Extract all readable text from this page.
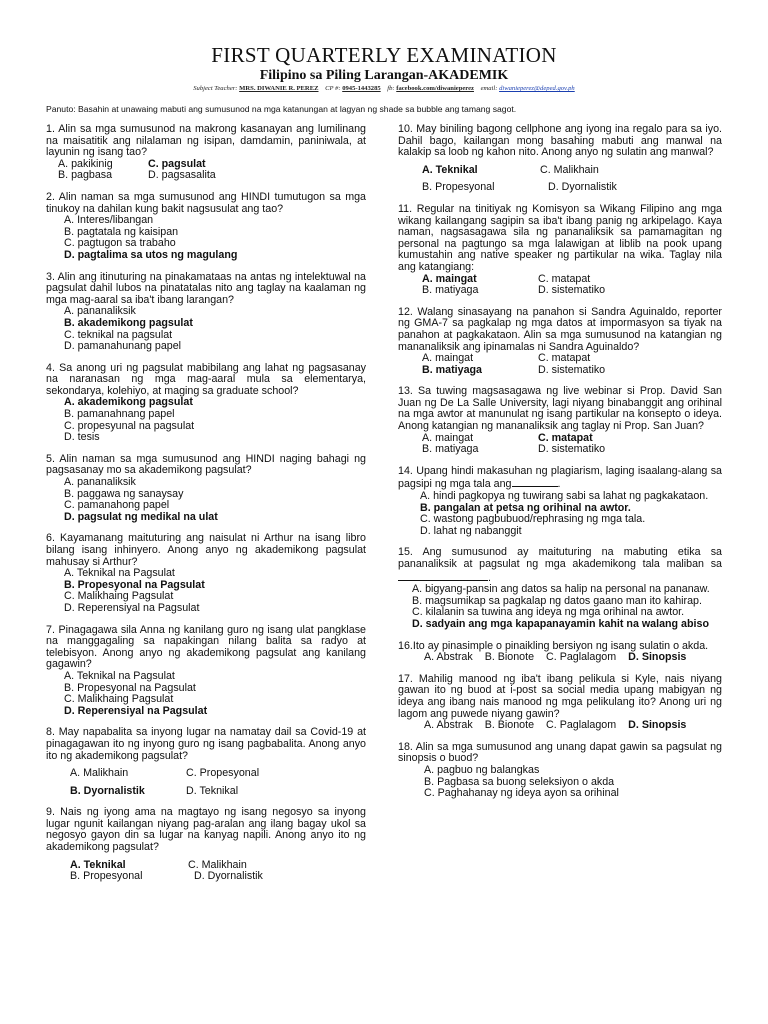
FIRST QUARTERLY EXAMINATION
Filipino sa Piling Larangan-AKADEMIK
Subject Teacher: MRS. DIWANIE R. PEREZ CP #: 0945-1443285 fb: facebook.com/diwanieperez email: diwanieperez@deped.gov.ph
Panuto: Basahin at unawaing mabuti ang sumusunod na mga katanungan at lagyan ng shade sa bubble ang tamang sagot.
1. Alin sa mga sumusunod na makrong kasanayan ang lumilinang na maisatitik ang nilalaman ng isipan, damdamin, paniniwala, at layunin ng isang tao?
A. pakikinig	C. pagsulat
B. pagbasa	D. pagsasalita
2. Alin naman sa mga sumusunod ang HINDI tumutugon sa mga tinukoy na dahilan kung bakit nagsusulat ang tao?
A. Interes/libangan
B. pagtatala ng kaisipan
C. pagtugon sa trabaho
D. pagtalima sa utos ng magulang
3. Alin ang itinuturing na pinakamataas na antas ng intelektuwal na pagsulat dahil lubos na pinatatalas nito ang taglay na kaalaman ng mga mag-aaral sa iba't ibang larangan?
A. pananaliksik
B. akademikong pagsulat
C. teknikal na pagsulat
D. pamanahunang papel
4. Sa anong uri ng pagsulat mabibilang ang lahat ng pagsasanay na naranasan ng mga mag-aaral mula sa elementarya, sekondarya, kolehiyo, at maging sa graduate school?
A. akademikong pagsulat
B. pamanahnang papel
C. propesyunal na pagsulat
D. tesis
5. Alin naman sa mga sumusunod ang HINDI naging bahagi ng pagsasanay mo sa akademikong pagsulat?
A. pananaliksik
B. paggawa ng sanaysay
C. pamanahong papel
D. pagsulat ng medikal na ulat
6. Kayamanang maituturing ang naisulat ni Arthur na isang libro bilang isang inhinyero. Anong anyo ng akademikong pagsulat mahusay si Arthur?
A. Teknikal na Pagsulat
B. Propesyonal na Pagsulat
C. Malikhaing Pagsulat
D. Reperensiyal na Pagsulat
7. Pinagagawa sila Anna ng kanilang guro ng isang ulat pangklase na manggagaling sa napakingan nilang balita sa radyo at telebisyon. Anong anyo ng akademikong pagsulat ang kanilang gagawin?
A. Teknikal na Pagsulat
B. Propesyonal na Pagsulat
C. Malikhaing Pagsulat
D. Reperensiyal na Pagsulat
8. May napabalita sa inyong lugar na namatay dail sa Covid-19 at pinagagawan ito ng inyong guro ng isang pagbabalita. Anong anyo ito ng akademikong pagsulat?
A. Malikhain	C. Propesyonal
B. Dyornalistik	D. Teknikal
9. Nais ng iyong ama na magtayo ng isang negosyo sa inyong lugar ngunit kailangan niyang pag-aralan ang ilang bagay ukol sa negosyo gayon din sa lugar na kanyag napili. Anong anyo ito ng akademikong pagsulat?
A. Teknikal	C. Malikhain
B. Propesyonal	D. Dyornalistik
10. May biniling bagong cellphone ang iyong ina regalo para sa iyo. Dahil bago, kailangan mong basahing mabuti ang manwal na kalakip sa loob ng kahon nito. Anong anyo ng sulatin ang manwal?
A. Teknikal	C. Malikhain
B. Propesyonal	D. Dyornalistik
11. Regular na tinitiyak ng Komisyon sa Wikang Filipino ang mga wikang kailangang sagipin sa iba't ibang panig ng arkipelago. Kaya naman, nagsasagawa sila ng pananaliksik sa pamamagitan ng personal na pagtungo sa mga lalawigan at liblib na pook upang kumustahin ang native speaker ng partikular na wika. Taglay nila ang katangiang:
A. maingat	C. matapat
B. matiyaga	D. sistematiko
12. Walang sinasayang na panahon si Sandra Aguinaldo, reporter ng GMA-7 sa pagkalap ng mga datos at impormasyon sa tiyak na panahon at pagkakataon. Alin sa mga sumusunod na katangian ng mananaliksik ang ipinamalas ni Sandra Aguinaldo?
A. maingat	C. matapat
B. matiyaga	D. sistematiko
13. Sa tuwing magsasagawa ng live webinar si Prop. David San Juan ng De La Salle University, lagi niyang binabanggit ang orihinal na mga awtor at manunulat ng isang partikular na konsepto o ideya. Anong katangian ng mananaliksik ang taglay ni Prop. San Juan?
A. maingat	C. matapat
B. matiyaga	D. sistematiko
14. Upang hindi makasuhan ng plagiarism, laging isaalang-alang sa pagsipi ng mga tala ang	.
A. hindi pagkopya ng tuwirang sabi sa lahat ng pagkakataon.
B. pangalan at petsa ng orihinal na awtor.
C. wastong pagbubuod/rephrasing ng mga tala.
D. lahat ng nabanggit
15. Ang sumusunod ay maituturing na mabuting etika sa pananaliksik at pagsulat ng mga akademikong tala maliban sa.
A. bigyang-pansin ang datos sa halip na personal na pananaw.
B. magsumikap sa pagkalap ng datos gaano man ito kahirap.
C. kilalanin sa tuwina ang ideya ng mga orihinal na awtor.
D. sadyain ang mga kapapanayamin kahit na walang abiso
16.Ito ay pinasimple o pinaikling bersiyon ng isang sulatin o akda.
A. Abstrak B. Bionote C. Paglalagom D. Sinopsis
17. Mahilig manood ng iba't ibang pelikula si Kyle, nais niyang gawan ito ng buod at i-post sa social media upang mabigyan ng ideya ang ibang nais manood ng mga pelikulang ito? Anong uri ng lagom ang puwede niyang gawin?
A. Abstrak B. Bionote C. Paglalagom D. Sinopsis
18. Alin sa mga sumusunod ang unang dapat gawin sa pagsulat ng sinopsis o buod?
A. pagbuo ng balangkas
B. Pagbasa sa buong seleksiyon o akda
C. Paghahanay ng ideya ayon sa orihinal
